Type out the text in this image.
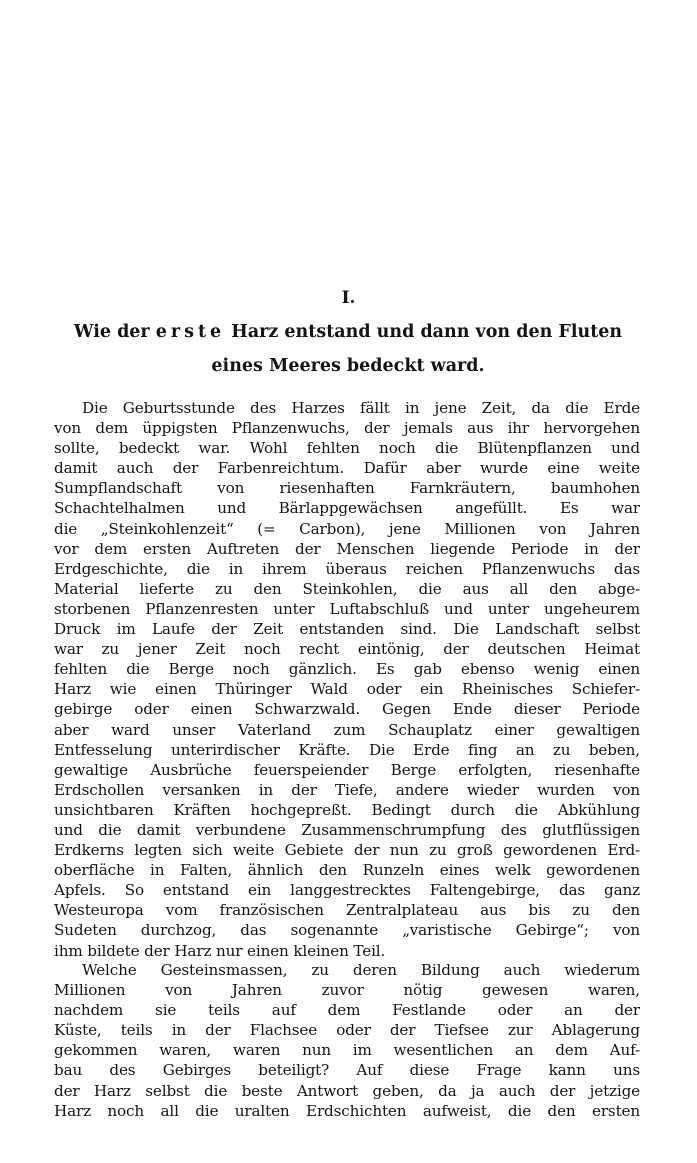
I.
Wie der erste Harz entstand und dann von den Fluten
eines Meeres bedeckt ward.
Die Geburtsstunde des Harzes fällt in jene Zeit, da die Erde
von dem üppigsten Pflanzenwuchs, der jemals aus ihr hervorgehen
sollte, bedeckt war. Wohl fehlten noch die Blütenpflanzen und
damit auch der Farbenreichtum. Dafür aber wurde eine weite
Sumpflandschaft von riesenhaften Farnkräutern, baumhohen
Schachtelhalmen und Bärlappgewächsen angefüllt. Es war
die „Steinkohlenzeit“ (= Carbon), jene Millionen von Jahren
vor dem ersten Auftreten der Menschen liegende Periode in der
Erdgeschichte, die in ihrem überaus reichen Pflanzenwuchs das
Material lieferte zu den Steinkohlen, die aus all den abge-
storbenen Pflanzenresten unter Luftabschluß und unter ungeheurem
Druck im Laufe der Zeit entstanden sind. Die Landschaft selbst
war zu jener Zeit noch recht eintönig, der deutschen Heimat
fehlten die Berge noch gänzlich. Es gab ebenso wenig einen
Harz wie einen Thüringer Wald oder ein Rheinisches Schiefer-
gebirge oder einen Schwarzwald. Gegen Ende dieser Periode
aber ward unser Vaterland zum Schauplatz einer gewaltigen
Entfesselung unterirdischer Kräfte. Die Erde fing an zu beben,
gewaltige Ausbrüche feuerspeiender Berge erfolgten, riesenhafte
Erdschollen versanken in der Tiefe, andere wieder wurden von
unsichtbaren Kräften hochgepreßt. Bedingt durch die Abkühlung
und die damit verbundene Zusammenschrumpfung des glutflüssigen
Erdkerns legten sich weite Gebiete der nun zu groß gewordenen Erd-
oberfläche in Falten, ähnlich den Runzeln eines welk gewordenen
Apfels. So entstand ein langgestrecktes Faltengebirge, das ganz
Westeuropa vom französischen Zentralplateau aus bis zu den
Sudeten durchzog, das sogenannte „varistische Gebirge“; von
ihm bildete der Harz nur einen kleinen Teil.
Welche Gesteinsmassen, zu deren Bildung auch wiederum
Millionen von Jahren zuvor nötig gewesen waren,
nachdem sie teils auf dem Festlande oder an der
Küste, teils in der Flachsee oder der Tiefsee zur Ablagerung
gekommen waren, waren nun im wesentlichen an dem Auf-
bau des Gebirges beteiligt? Auf diese Frage kann uns
der Harz selbst die beste Antwort geben, da ja auch der jetzige
Harz noch all die uralten Erdschichten aufweist, die den ersten
